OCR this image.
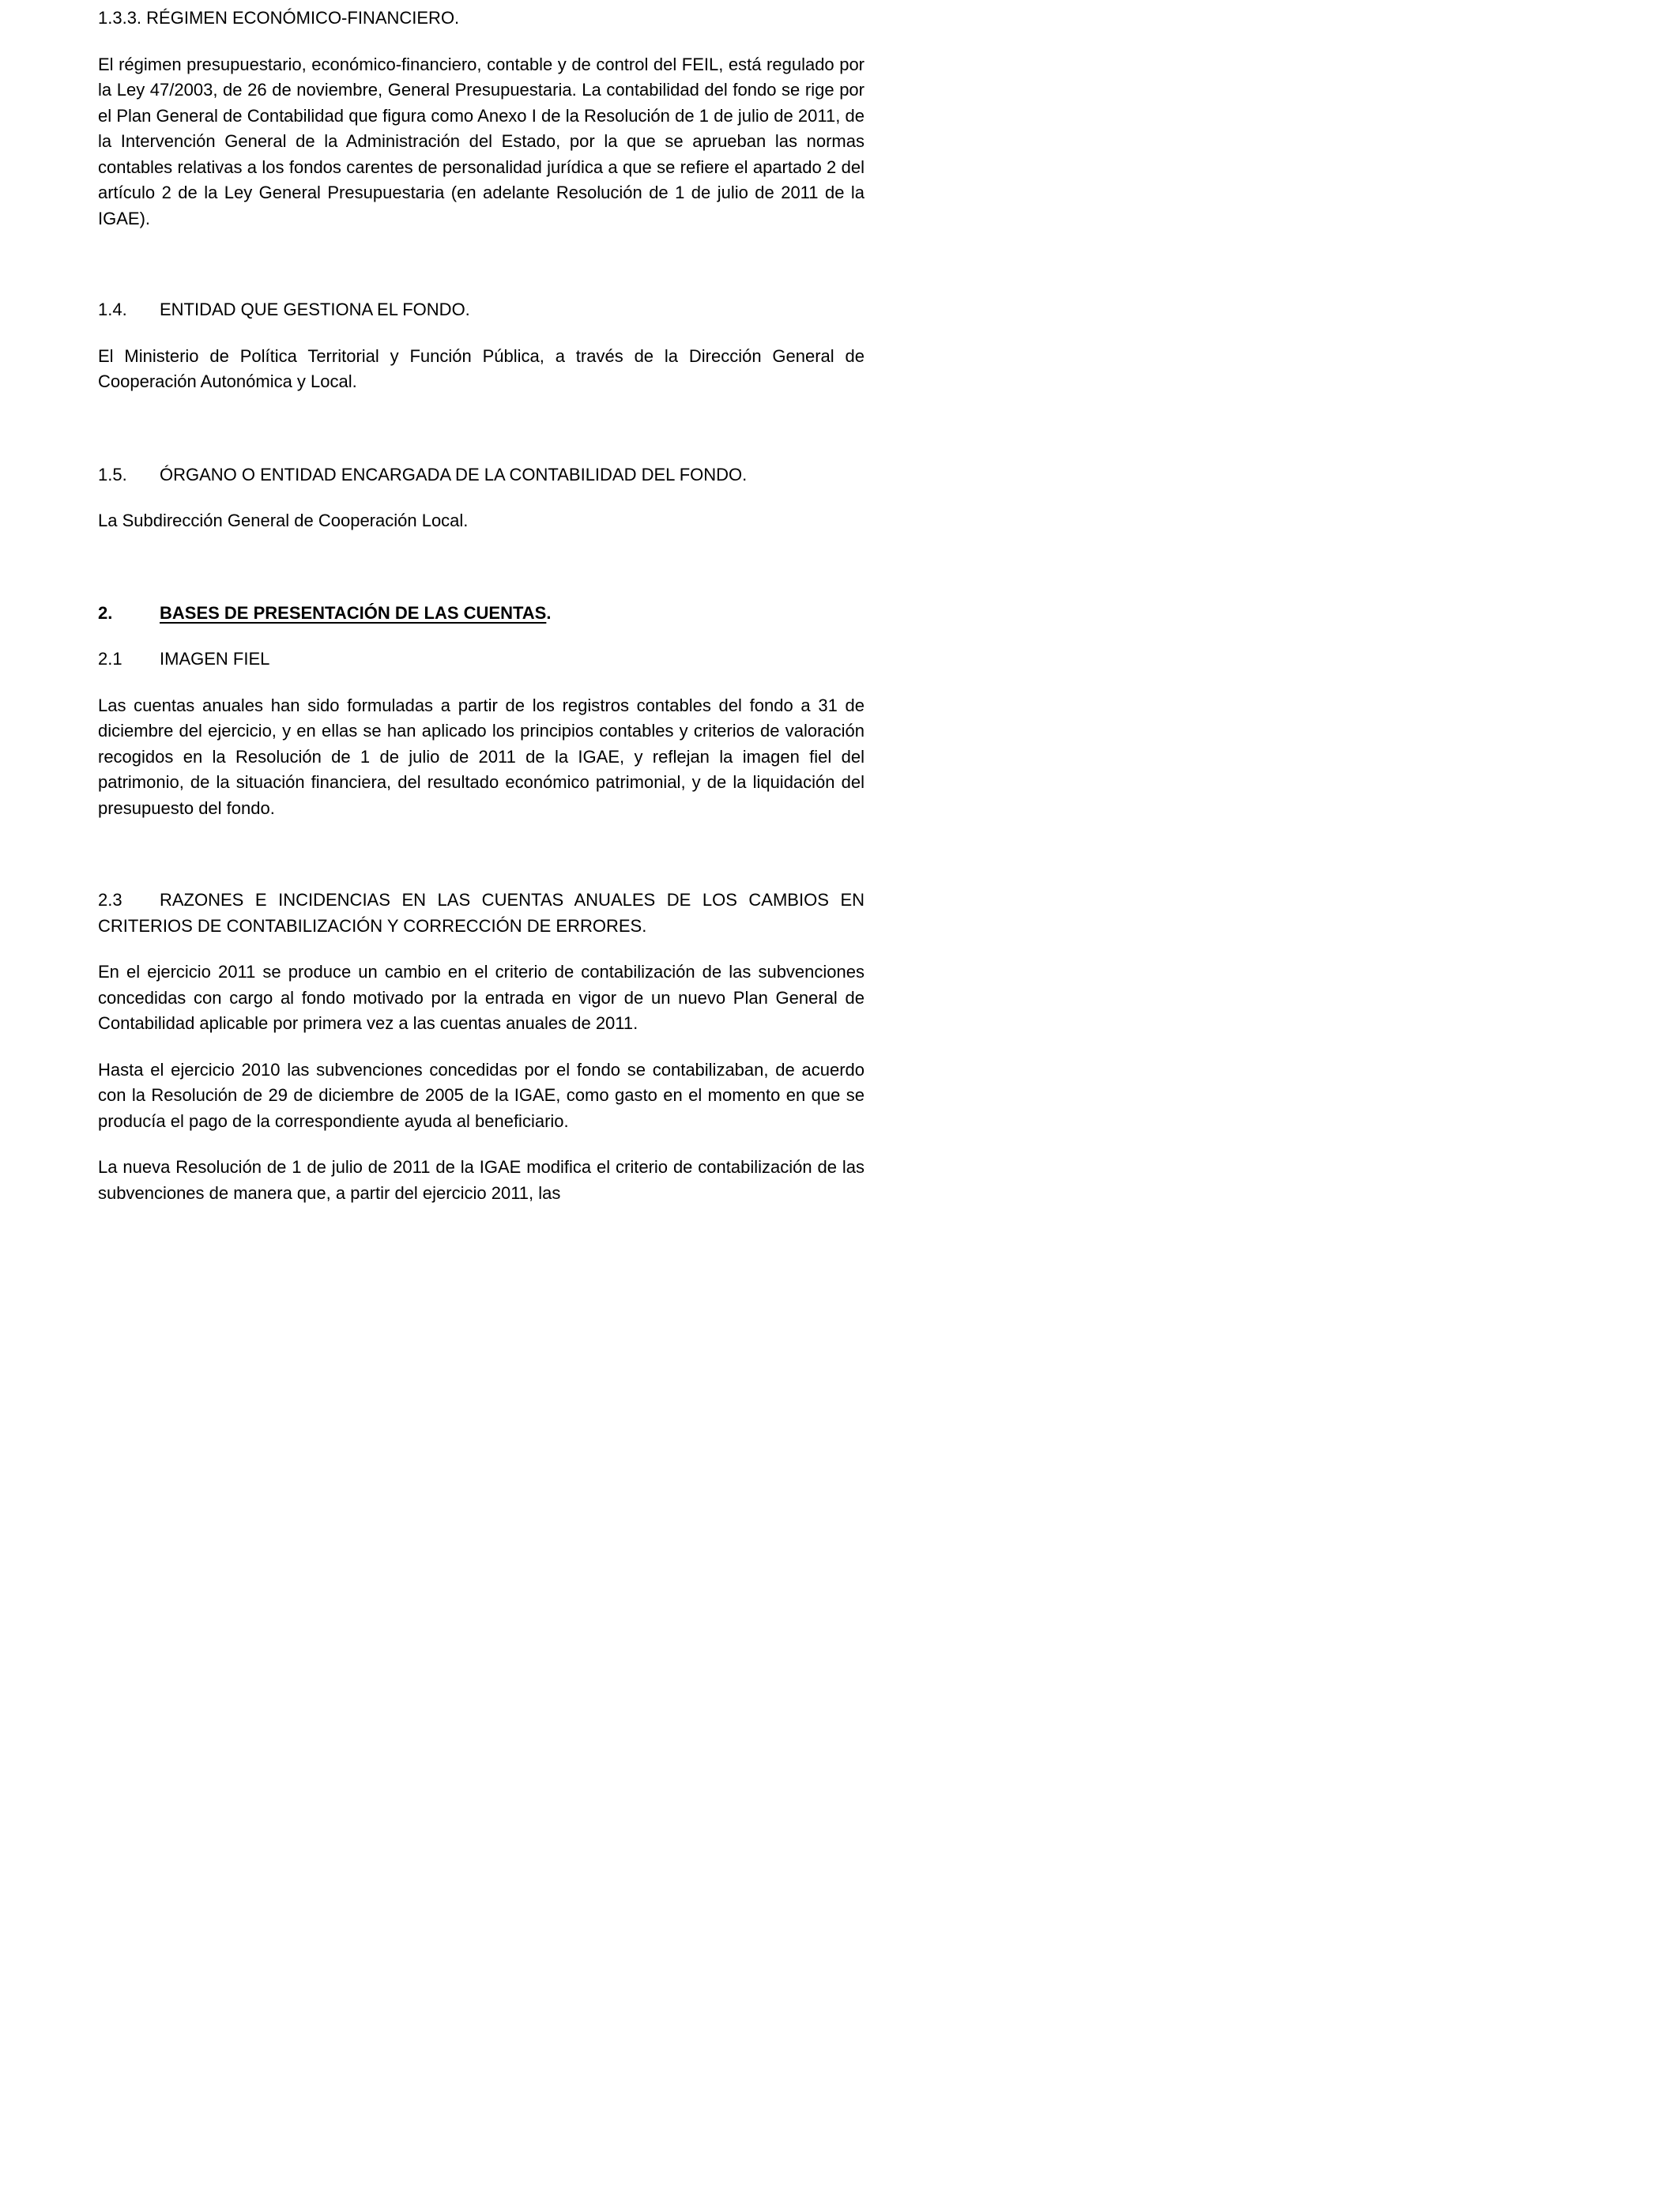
1.3.3. RÉGIMEN ECONÓMICO-FINANCIERO.

El régimen presupuestario, económico-financiero, contable y de control del FEIL, está regulado por la Ley 47/2003, de 26 de noviembre, General Presupuestaria. La contabilidad del fondo se rige por el Plan General de Contabilidad que figura como Anexo I de la Resolución de 1 de julio de 2011, de la Intervención General de la Administración del Estado, por la que se aprueban las normas contables relativas a los fondos carentes de personalidad jurídica a que se refiere el apartado 2 del artículo 2 de la Ley General Presupuestaria (en adelante Resolución de 1 de julio de 2011 de la IGAE).

1.4. ENTIDAD QUE GESTIONA EL FONDO.

El Ministerio de Política Territorial y Función Pública, a través de la Dirección General de Cooperación Autonómica y Local.

1.5. ÓRGANO O ENTIDAD ENCARGADA DE LA CONTABILIDAD DEL FONDO.

La Subdirección General de Cooperación Local.

2.	BASES DE PRESENTACIÓN DE LAS CUENTAS.

2.1 IMAGEN FIEL

Las cuentas anuales han sido formuladas a partir de los registros contables del fondo a 31 de diciembre del ejercicio, y en ellas se han aplicado los principios contables y criterios de valoración recogidos en la Resolución de 1 de julio de 2011 de la IGAE, y reflejan la imagen fiel del patrimonio, de la situación financiera, del resultado económico patrimonial, y de la liquidación del presupuesto del fondo.

2.3 RAZONES E INCIDENCIAS EN LAS CUENTAS ANUALES DE LOS CAMBIOS EN CRITERIOS DE CONTABILIZACIÓN Y CORRECCIÓN DE ERRORES.

En el ejercicio 2011 se produce un cambio en el criterio de contabilización de las subvenciones concedidas con cargo al fondo motivado por la entrada en vigor de un nuevo Plan General de Contabilidad aplicable por primera vez a las cuentas anuales de 2011.

Hasta el ejercicio 2010 las subvenciones concedidas por el fondo se contabilizaban, de acuerdo con la Resolución de 29 de diciembre de 2005 de la IGAE, como gasto en el momento en que se producía el pago de la correspondiente ayuda al beneficiario.

La nueva Resolución de 1 de julio de 2011 de la IGAE modifica el criterio de contabilización de las subvenciones de manera que, a partir del ejercicio 2011, las
